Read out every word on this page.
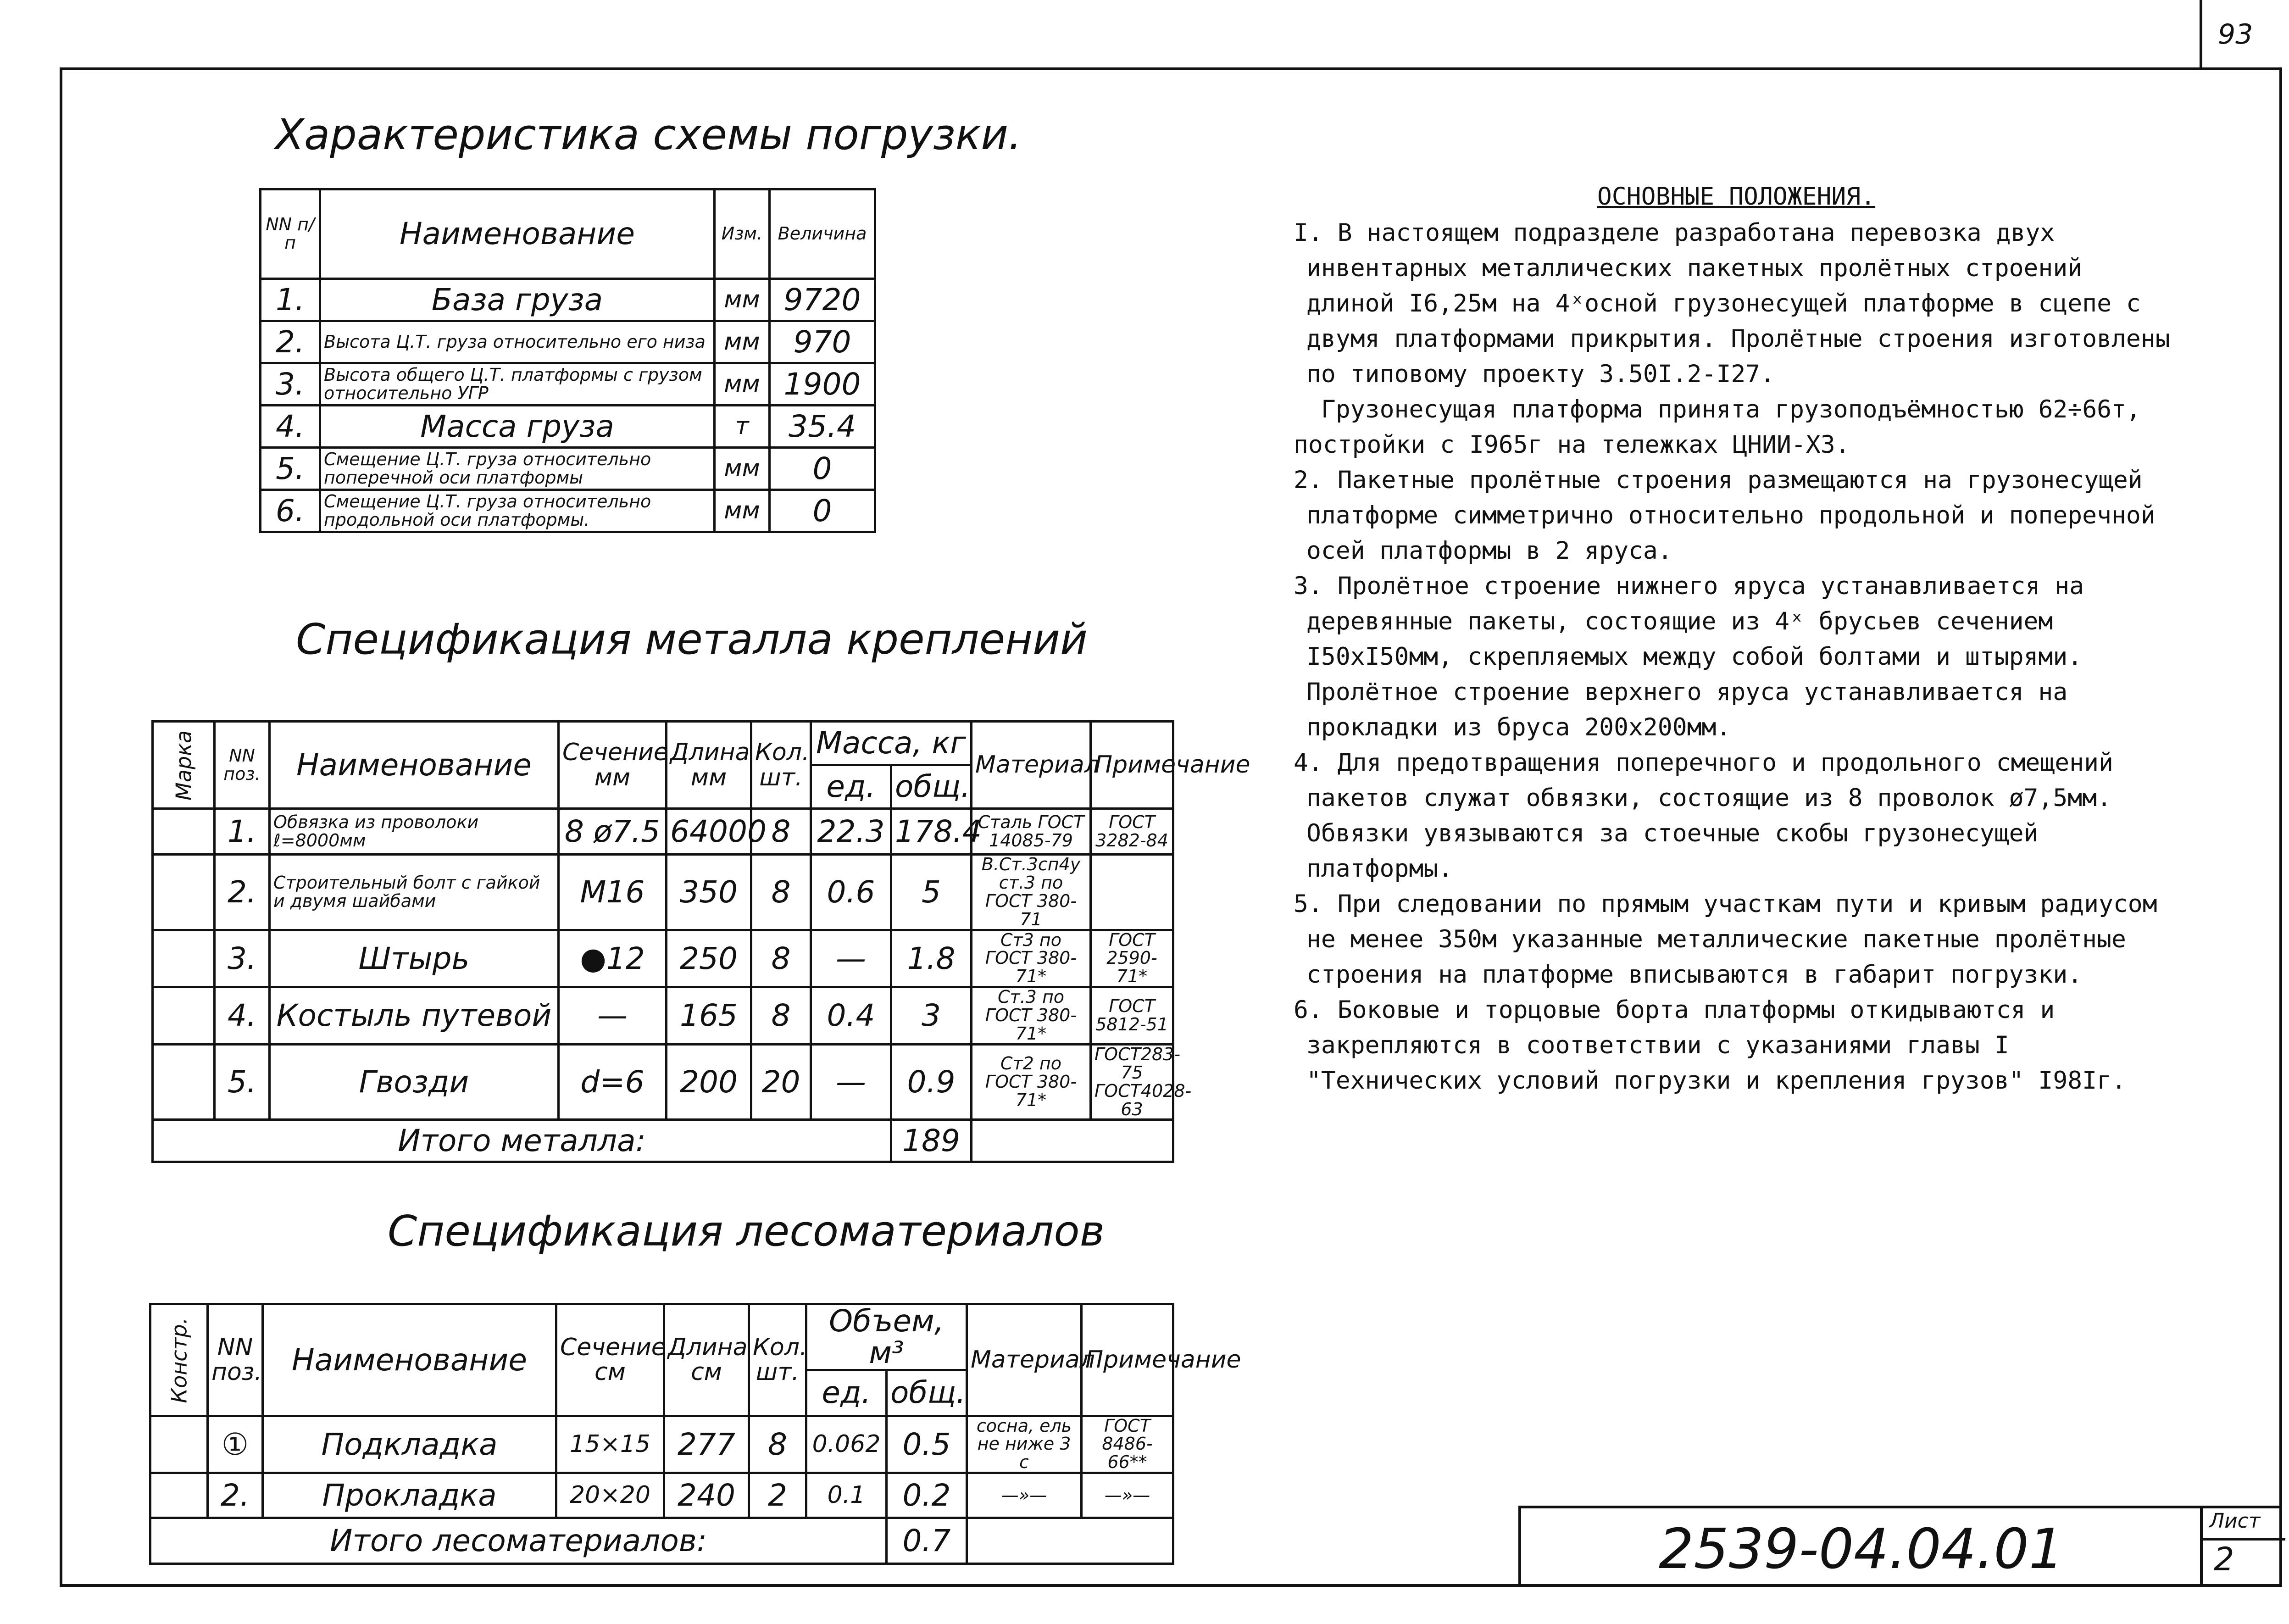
93
Характеристика схемы погрузки.
NN п/п	Наименование	Изм.	Величина
1.	База груза	мм	9720
2.	Высота Ц.Т. груза относительно его низа	мм	970
3.	Высота общего Ц.Т. платформы с грузом относительно УГР	мм	1900
4.	Масса груза	т	35.4
5.	Смещение Ц.Т. груза относительно поперечной оси платформы	мм	0
6.	Смещение Ц.Т. груза относительно продольной оси платформы.	мм	0
Спецификация металла креплений
Марка	NN поз.	Наименование	Сечение мм	Длина мм	Кол. шт.	Масса, кг		Материал	Примечание
						ед.	общ.		
	1.	Обвязка из проволоки ℓ=8000мм	8 ø7.5	64000	8	22.3	178.4	Сталь ГОСТ 14085-79	ГОСТ 3282-84
	2.	Строительный болт с гайкой и двумя шайбами	М16	350	8	0.6	5	В.Ст.3сп4у ст.3 по ГОСТ 380-71	
	3.	Штырь	●12	250	8	—	1.8	Ст3 по ГОСТ 380-71*	ГОСТ 2590-71*
	4.	Костыль путевой	—	165	8	0.4	3	Ст.3 по ГОСТ 380-71*	ГОСТ 5812-51
	5.	Гвозди	d=6	200	20	—	0.9	Ст2 по ГОСТ 380-71*	ГОСТ283-75 ГОСТ4028-63
Итого металла:							189		
Спецификация лесоматериалов
Констр.	NN поз.	Наименование	Сечение см	Длина см	Кол. шт.	Объем, м³		Материал	Примечание
						ед.	общ.		
	①	Подкладка	15×15	277	8	0.062	0.5	сосна, ель не ниже 3 с	ГОСТ 8486-66**
	2.	Прокладка	20×20	240	2	0.1	0.2	—»—	—»—
Итого лесоматериалов:							0.7		
ОСНОВНЫЕ ПОЛОЖЕНИЯ.

I. В настоящем подразделе разработана перевозка двух инвентарных металлических пакетных пролётных строений длиной I6,25м на 4ˣосной грузонесущей платформе в сцепе с двумя платформами прикрытия. Пролётные строения изготовлены по типовому проекту 3.50I.2-I27.

Грузонесущая платформа принята грузоподъёмностью 62÷66т, постройки с I965г на тележках ЦНИИ-Х3.

2. Пакетные пролётные строения размещаются на грузонесущей платформе симметрично относительно продольной и поперечной осей платформы в 2 яруса.

3. Пролётное строение нижнего яруса устанавливается на деревянные пакеты, состоящие из 4ˣ брусьев сечением I50xI50мм, скрепляемых между собой болтами и штырями. Пролётное строение верхнего яруса устанавливается на прокладки из бруса 200x200мм.

4. Для предотвращения поперечного и продольного смещений пакетов служат обвязки, состоящие из 8 проволок ø7,5мм. Обвязки увязываются за стоечные скобы грузонесущей платформы.

5. При следовании по прямым участкам пути и кривым радиусом не менее 350м указанные металлические пакетные пролётные строения на платформе вписываются в габарит погрузки.

6. Боковые и торцовые борта платформы откидываются и закрепляются в соответствии с указаниями главы I "Технических условий погрузки и крепления грузов" I98Iг.

2539-04.04.01	Лист
2
